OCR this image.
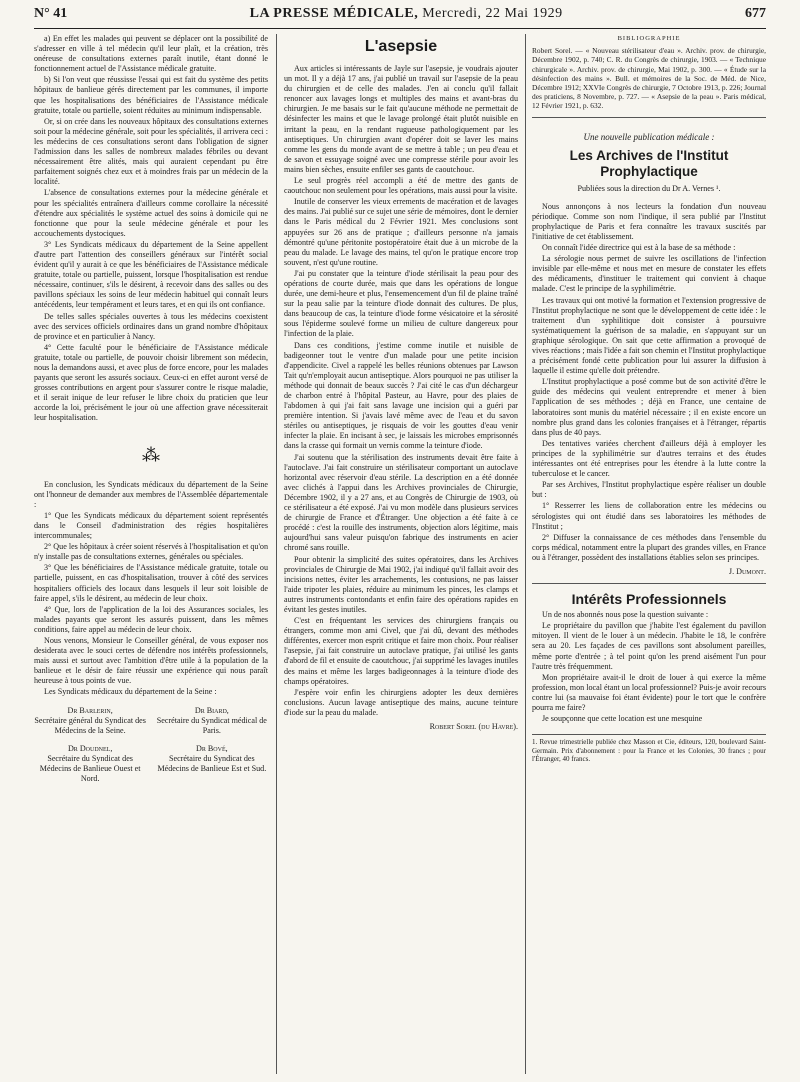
N° 41	LA PRESSE MÉDICALE, Mercredi, 22 Mai 1929	677

a) En effet les malades qui peuvent se déplacer ont la possibilité de s'adresser en ville à tel médecin qu'il leur plaît, et la création, très onéreuse de consultations externes paraît inutile, étant donné le fonctionnement actuel de l'Assistance médicale gratuite.

b) Si l'on veut que réussisse l'essai qui est fait du système des petits hôpitaux de banlieue gérés directement par les communes, il importe que les hospitalisations des bénéficiaires de l'Assistance médicale gratuite, totale ou partielle, soient réduites au minimum indispensable.

Or, si on crée dans les nouveaux hôpitaux des consultations externes soit pour la médecine générale, soit pour les spécialités, il arrivera ceci : les médecins de ces consultations seront dans l'obligation de signer l'admission dans les salles de nombreux malades fébriles ou devant nécessairement être alités, mais qui auraient cependant pu être parfaitement soignés chez eux et à moindres frais par un médecin de la localité.

L'absence de consultations externes pour la médecine générale et pour les spécialités entraînera d'ailleurs comme corollaire la nécessité d'étendre aux spécialités le système actuel des soins à domicile qui ne fonctionne que pour la seule médecine générale et pour les accouchements dystociques.

3° Les Syndicats médicaux du département de la Seine appellent d'autre part l'attention des conseillers généraux sur l'intérêt social évident qu'il y aurait à ce que les bénéficiaires de l'Assistance médicale gratuite, totale ou partielle, puissent, lorsque l'hospitalisation est rendue nécessaire, continuer, s'ils le désirent, à recevoir dans des salles ou des pavillons spéciaux les soins de leur médecin habituel qui connaît leurs antécédents, leur tempérament et leurs tares, et en qui ils ont confiance.

De telles salles spéciales ouvertes à tous les médecins coexistent avec des services officiels ordinaires dans un grand nombre d'hôpitaux de province et en particulier à Nancy.

4° Cette faculté pour le bénéficiaire de l'Assistance médicale gratuite, totale ou partielle, de pouvoir choisir librement son médecin, nous la demandons aussi, et avec plus de force encore, pour les malades payants que seront les assurés sociaux. Ceux-ci en effet auront versé de grosses contributions en argent pour s'assurer contre le risque maladie, et il serait inique de leur refuser le libre choix du praticien que leur accorde la loi, précisément le jour où une affection grave nécessiterait leur hospitalisation.

⁂

En conclusion, les Syndicats médicaux du département de la Seine ont l'honneur de demander aux membres de l'Assemblée départementale :

1° Que les Syndicats médicaux du département soient représentés dans le Conseil d'administration des régies hospitalières intercommunales;

2° Que les hôpitaux à créer soient réservés à l'hospitalisation et qu'on n'y installe pas de consultations externes, générales ou spéciales.

3° Que les bénéficiaires de l'Assistance médicale gratuite, totale ou partielle, puissent, en cas d'hospitalisation, trouver à côté des services hospitaliers officiels des locaux dans lesquels il leur soit loisible de faire appel, s'ils le désirent, au médecin de leur choix.

4° Que, lors de l'application de la loi des Assurances sociales, les malades payants que seront les assurés puissent, dans les mêmes conditions, faire appel au médecin de leur choix.

Nous venons, Monsieur le Conseiller général, de vous exposer nos desiderata avec le souci certes de défendre nos intérêts professionnels, mais aussi et surtout avec l'ambition d'être utile à la population de la banlieue et le désir de faire réussir une expérience qui nous paraît heureuse à tous points de vue.

Les Syndicats médicaux du département de la Seine :

Dr Barlerin,
Secrétaire général du Syndicat des Médecins de la Seine.
Dr Biard,
Secrétaire du Syndicat médical de Paris.
Dr Doudnel,
Secrétaire du Syndicat des Médecins de Banlieue Ouest et Nord.
Dr Bové,
Secrétaire du Syndicat des Médecins de Banlieue Est et Sud.
L'asepsie

Aux articles si intéressants de Jayle sur l'asepsie, je voudrais ajouter un mot. Il y a déjà 17 ans, j'ai publié un travail sur l'asepsie de la peau du chirurgien et de celle des malades. J'en ai conclu qu'il fallait renoncer aux lavages longs et multiples des mains et avant-bras du chirurgien. Je me basais sur le fait qu'aucune méthode ne permettait de désinfecter les mains et que le lavage prolongé était plutôt nuisible en irritant la peau, en la rendant rugueuse pathologiquement par les antiseptiques. Un chirurgien avant d'opérer doit se laver les mains comme les gens du monde avant de se mettre à table ; un peu d'eau et de savon et essuyage soigné avec une compresse stérile pour avoir les mains bien sèches, ensuite enfiler ses gants de caoutchouc.

Le seul progrès réel accompli a été de mettre des gants de caoutchouc non seulement pour les opérations, mais aussi pour la visite.

Inutile de conserver les vieux errements de macération et de lavages des mains. J'ai publié sur ce sujet une série de mémoires, dont le dernier dans le Paris médical du 2 Février 1921. Mes conclusions sont appuyées sur 26 ans de pratique ; d'ailleurs personne n'a jamais démontré qu'une péritonite postopératoire était due à un microbe de la peau du malade. Le lavage des mains, tel qu'on le pratique encore trop souvent, n'est qu'une routine.

J'ai pu constater que la teinture d'iode stérilisait la peau pour des opérations de courte durée, mais que dans les opérations de longue durée, une demi-heure et plus, l'ensemencement d'un fil de plaine traîné sur la peau salie par la teinture d'iode donnait des cultures. De plus, dans beaucoup de cas, la teinture d'iode forme vésicatoire et la sérosité sous l'épiderme soulevé forme un milieu de culture dangereux pour l'infection de la plaie.

Dans ces conditions, j'estime comme inutile et nuisible de badigeonner tout le ventre d'un malade pour une petite incision d'appendicite. Civel a rappelé les belles réunions obtenues par Lawson Tait qu'n'employait aucun antiseptique. Alors pourquoi ne pas utiliser la méthode qui donnait de beaux succès ? J'ai cité le cas d'un déchargeur de charbon entré à l'hôpital Pasteur, au Havre, pour des plaies de l'abdomen à qui j'ai fait sans lavage une incision qui a guéri par première intention. Si j'avais lavé même avec de l'eau et du savon stériles ou antiseptiques, je risquais de voir les gouttes d'eau venir infecter la plaie. En incisant à sec, je laissais les microbes emprisonnés dans la crasse qui formait un vernis comme la teinture d'iode.

J'ai soutenu que la stérilisation des instruments devait être faite à l'autoclave. J'ai fait construire un stérilisateur comportant un autoclave horizontal avec réservoir d'eau stérile. La description en a été donnée avec clichés à l'appui dans les Archives provinciales de Chirurgie, Décembre 1902, il y a 27 ans, et au Congrès de Chirurgie de 1903, où ce stérilisateur a été exposé. J'ai vu mon modèle dans plusieurs services de chirurgie de France et d'Étranger. Une objection a été faite à ce procédé : c'est la rouille des instruments, objection alors légitime, mais aujourd'hui sans valeur puisqu'on fabrique des instruments en acier chromé sans rouille.

Pour obtenir la simplicité des suites opératoires, dans les Archives provinciales de Chirurgie de Mai 1902, j'ai indiqué qu'il fallait avoir des incisions nettes, éviter les arrachements, les contusions, ne pas laisser l'aide tripoter les plaies, réduire au minimum les pinces, les clamps et autres instruments contondants et enfin faire des opérations rapides en évitant les gestes inutiles.

C'est en fréquentant les services des chirurgiens français ou étrangers, comme mon ami Civel, que j'ai dû, devant des méthodes différentes, exercer mon esprit critique et faire mon choix. Pour réaliser l'asepsie, j'ai fait construire un autoclave pratique, j'ai utilisé les gants d'abord de fil et ensuite de caoutchouc, j'ai supprimé les lavages inutiles des mains et même les larges badigeonnages à la teinture d'iode des champs opératoires.

J'espère voir enfin les chirurgiens adopter les deux dernières conclusions. Aucun lavage antiseptique des mains, aucune teinture d'iode sur la peau du malade.

Robert Sorel (du Havre).
BIBLIOGRAPHIE

Robert Sorel. — « Nouveau stérilisateur d'eau ». Archiv. prov. de chirurgie, Décembre 1902, p. 740; C. R. du Congrès de chirurgie, 1903. — « Technique chirurgicale ». Archiv. prov. de chirurgie, Mai 1902, p. 300. — « Étude sur la désinfection des mains ». Bull. et mémoires de la Soc. de Méd. de Nice, Décembre 1912; XXVIe Congrès de chirurgie, 7 Octobre 1913, p. 226; Journal des praticiens, 8 Novembre, p. 727. — « Asepsie de la peau ». Paris médical, 12 Février 1921, p. 632.

Une nouvelle publication médicale :
Les Archives de l'Institut Prophylactique
Publiées sous la direction du Dr A. Vernes ¹.

Nous annonçons à nos lecteurs la fondation d'un nouveau périodique. Comme son nom l'indique, il sera publié par l'Institut prophylactique de Paris et fera connaître les travaux suscités par l'initiative de cet établissement.

On connaît l'idée directrice qui est à la base de sa méthode :

La sérologie nous permet de suivre les oscillations de l'infection invisible par elle-même et nous met en mesure de constater les effets des médicaments, d'instituer le traitement qui convient à chaque malade. C'est le principe de la syphilimétrie.

Les travaux qui ont motivé la formation et l'extension progressive de l'Institut prophylactique ne sont que le développement de cette idée : le traitement d'un syphilitique doit consister à poursuivre systématiquement la guérison de sa maladie, en s'appuyant sur un graphique sérologique. On sait que cette affirmation a provoqué de vives réactions ; mais l'idée a fait son chemin et l'Institut prophylactique a précisément fondé cette publication pour lui assurer la diffusion à laquelle il estime qu'elle doit prétendre.

L'Institut prophylactique a posé comme but de son activité d'être le guide des médecins qui veulent entreprendre et mener à bien l'application de ses méthodes ; déjà en France, une centaine de laboratoires sont munis du matériel nécessaire ; il en existe encore un nombre plus grand dans les colonies françaises et à l'étranger, répartis dans plus de 40 pays.

Des tentatives variées cherchent d'ailleurs déjà à employer les principes de la syphilimétrie sur d'autres terrains et des études intéressantes ont été entreprises pour les étendre à la lutte contre la tuberculose et le cancer.

Par ses Archives, l'Institut prophylactique espère réaliser un double but :

1° Resserrer les liens de collaboration entre les médecins ou sérologistes qui ont étudié dans ses laboratoires les méthodes de l'Institut ;

2° Diffuser la connaissance de ces méthodes dans l'ensemble du corps médical, notamment entre la plupart des grandes villes, en France ou à l'étranger, possèdent des installations établies selon ses principes.

J. Dumont.
Intérêts Professionnels

Un de nos abonnés nous pose la question suivante :

Le propriétaire du pavillon que j'habite l'est également du pavillon mitoyen. Il vient de le louer à un médecin. J'habite le 18, le confrère sera au 20. Les façades de ces pavillons sont absolument pareilles, même porte d'entrée ; à tel point qu'on les prend aisément l'un pour l'autre très fréquemment.

Mon propriétaire avait-il le droit de louer à qui exerce la même profession, mon local étant un local professionnel? Puis-je avoir recours contre lui (sa mauvaise foi étant évidente) pour le tort que le confrère pourra me faire?

Je soupçonne que cette location est une mesquine

1. Revue trimestrielle publiée chez Masson et Cie, éditeurs, 120, boulevard Saint-Germain. Prix d'abonnement : pour la France et les Colonies, 30 francs ; pour l'Étranger, 40 francs.
